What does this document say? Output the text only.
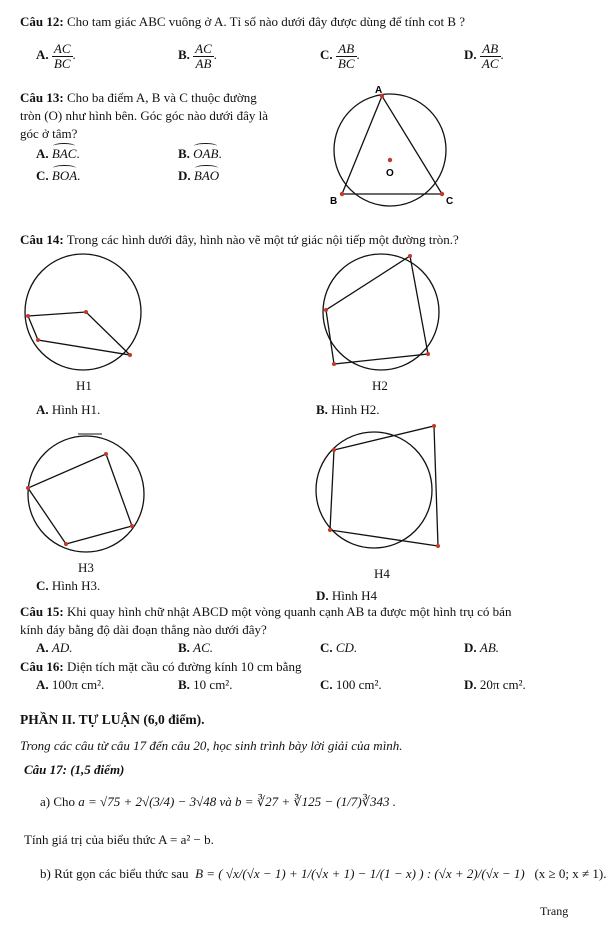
Câu 12: Cho tam giác ABC vuông ở A. Tỉ số nào dưới đây được dùng để tính cot B ?
A. $\frac{AC}{BC}$ .	B. $\frac{AC}{AB}$ .	C. $\frac{AB}{BC}$ .	D. $\frac{AB}{AC}$ .
Câu 13: Cho ba điểm A, B và C thuộc đường
tròn (O) như hình bên. Góc góc nào dưới đây là
góc ở tâm?
A. BAC.	B. OAB.
C. BOA.	D. BAO
A
B	C
O
Câu 14: Trong các hình dưới đây, hình nào vẽ một tứ giác nội tiếp một đường tròn.?
H1	H2
A. Hình H1.	B. Hình H2.
H3	H4
C. Hình H3.
D. Hình H4
Câu 15: Khi quay hình chữ nhật ABCD một vòng quanh cạnh AB ta được một hình trụ có bán
kính đáy bằng độ dài đoạn thẳng nào dưới đây?
A. AD.	B. AC.	C. CD.	D. AB.
Câu 16: Diện tích mặt cầu có đường kính 10 cm bằng
A. 100π cm².	B. 10 cm².	C. 100 cm².	D. 20π cm².
PHẦN II. TỰ LUẬN (6,0 điểm).
Trong các câu từ câu 17 đến câu 20, học sinh trình bày lời giải của mình.
Câu 17: (1,5 điểm)
a) Cho a = √75 + 2√(3/4) − 3√48 và b = ∛27 + ∛125 − (1/7)∛343 .
Tính giá trị của biểu thức A = a² − b.
b) Rút gọn các biểu thức sau B = ( √x/(√x − 1) + 1/(√x + 1) − 1/(1 − x) ) : (√x + 2)/(√x − 1) (x ≥ 0; x ≠ 1).
Trang
